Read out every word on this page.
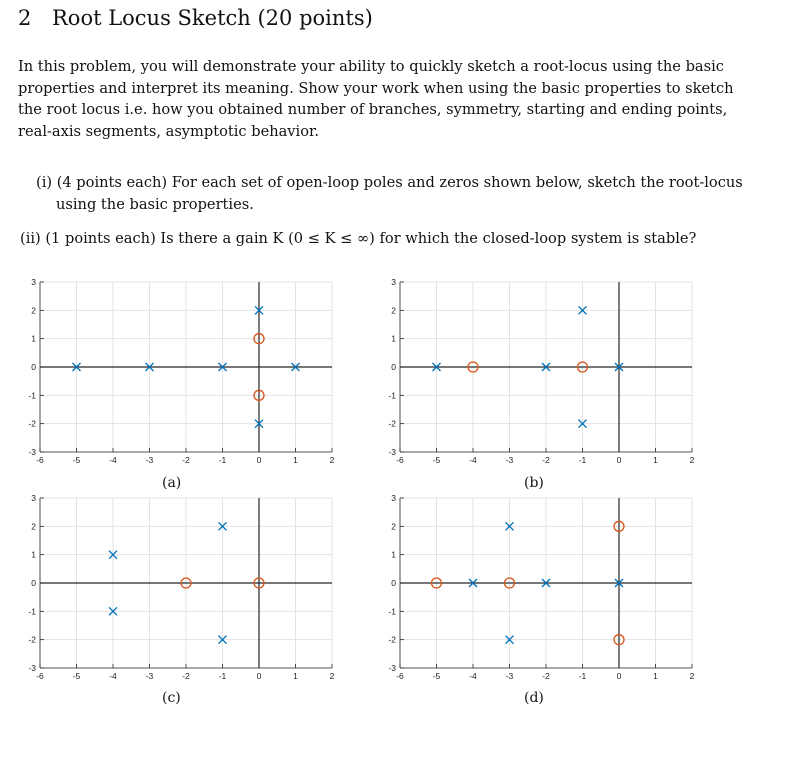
2 Root Locus Sketch (20 points)
In this problem, you will demonstrate your ability to quickly sketch a root-locus using the basic properties and interpret its meaning. Show your work when using the basic properties to sketch the root locus i.e. how you obtained number of branches, symmetry, starting and ending points, real-axis segments, asymptotic behavior.
(i) (4 points each) For each set of open-loop poles and zeros shown below, sketch the root-locus using the basic properties.
(ii) (1 points each) Is there a gain K (0 ≤ K ≤ ∞) for which the closed-loop system is stable?
-6	-5	-4	-3	-2	-1	0	1	2
-3
-2
-1
0
1
2
3
-6	-5	-4	-3	-2	-1	0	1	2
-3
-2
-1
0
1
2
3
-6	-5	-4	-3	-2	-1	0	1	2
-3
-2
-1
0
1
2
3
-6	-5	-4	-3	-2	-1	0	1	2
-3
-2
-1
0
1
2
3
(a)	(b)
(c)	(d)
